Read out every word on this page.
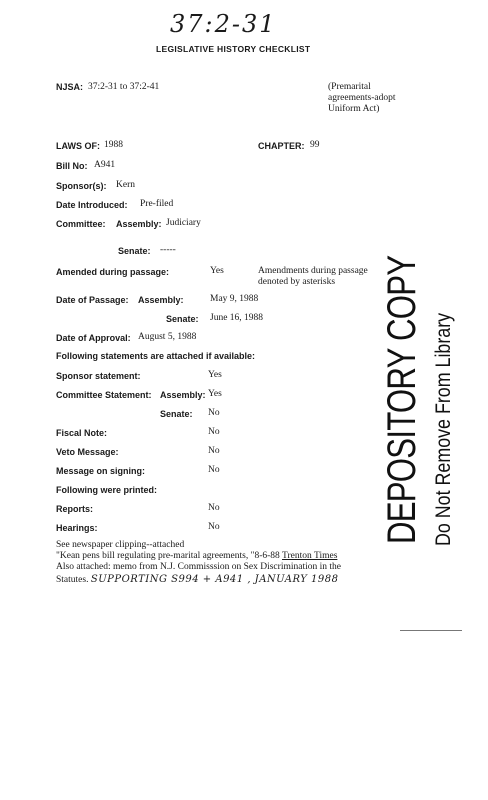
37:2-31
LEGISLATIVE HISTORY CHECKLIST
NJSA: 37:2-31 to 37:2-41	(Premarital
agreements-adopt
Uniform Act)
LAWS OF: 1988	CHAPTER: 99
Bill No: A941
Sponsor(s): Kern
Date Introduced: Pre-filed
Committee: Assembly: Judiciary
Senate: -----
Amended during passage:	Yes	Amendments during passage
denoted by asterisks
Date of Passage: Assembly:	May 9, 1988
Senate: June 16, 1988
Date of Approval: August 5, 1988
Following statements are attached if available:
Sponsor statement:	Yes
Committee Statement: Assembly: Yes
Senate: No
Fiscal Note:	No
Veto Message:	No
Message on signing:	No
Following were printed:
Reports:	No
Hearings:	No
See newspaper clipping--attached
"Kean pens bill regulating pre-marital agreements, "8-6-88 Trenton Times
Also attached: memo from N.J. Commisssion on Sex Discrimination in the
Statutes. SUPPORTING S994 + A941 , JANUARY 1988
DEPOSITORY COPY Do Not Remove From Library
